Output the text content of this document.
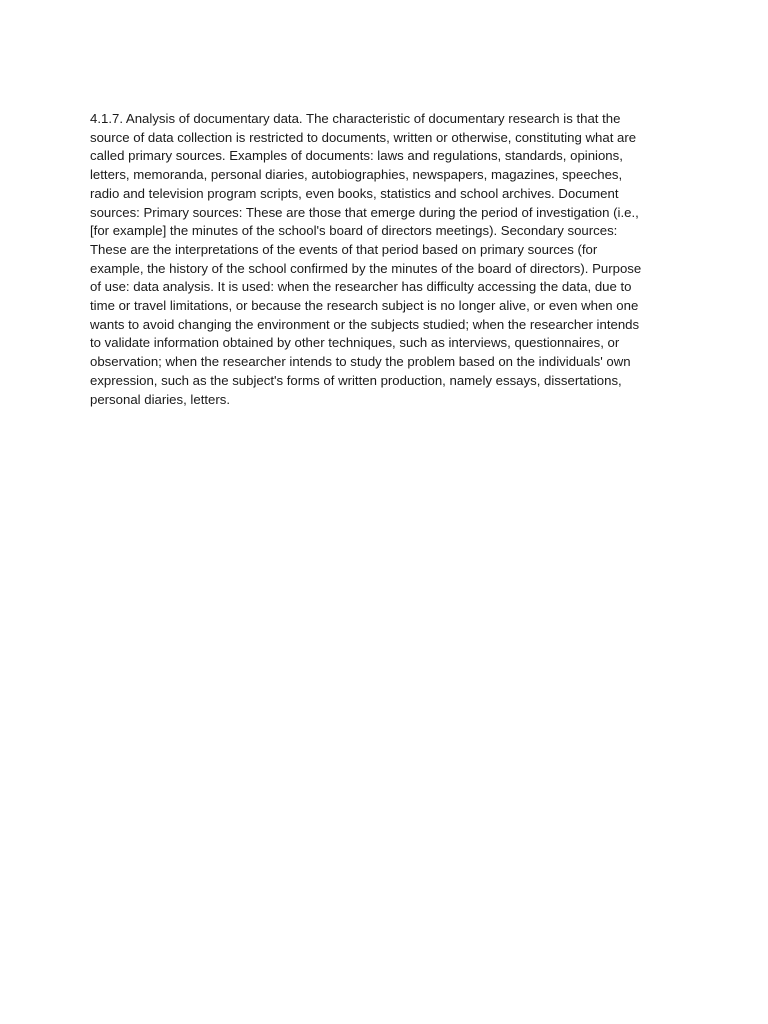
4.1.7. Analysis of documentary data. The characteristic of documentary research is that the
source of data collection is restricted to documents, written or otherwise, constituting what are
called primary sources. Examples of documents: laws and regulations, standards, opinions,
letters, memoranda, personal diaries, autobiographies, newspapers, magazines, speeches,
radio and television program scripts, even books, statistics and school archives. Document
sources: Primary sources: These are those that emerge during the period of investigation (i.e.,
[for example] the minutes of the school's board of directors meetings). Secondary sources:
These are the interpretations of the events of that period based on primary sources (for
example, the history of the school confirmed by the minutes of the board of directors). Purpose
of use: data analysis. It is used: when the researcher has difficulty accessing the data, due to
time or travel limitations, or because the research subject is no longer alive, or even when one
wants to avoid changing the environment or the subjects studied; when the researcher intends
to validate information obtained by other techniques, such as interviews, questionnaires, or
observation; when the researcher intends to study the problem based on the individuals' own
expression, such as the subject's forms of written production, namely essays, dissertations,
personal diaries, letters.
